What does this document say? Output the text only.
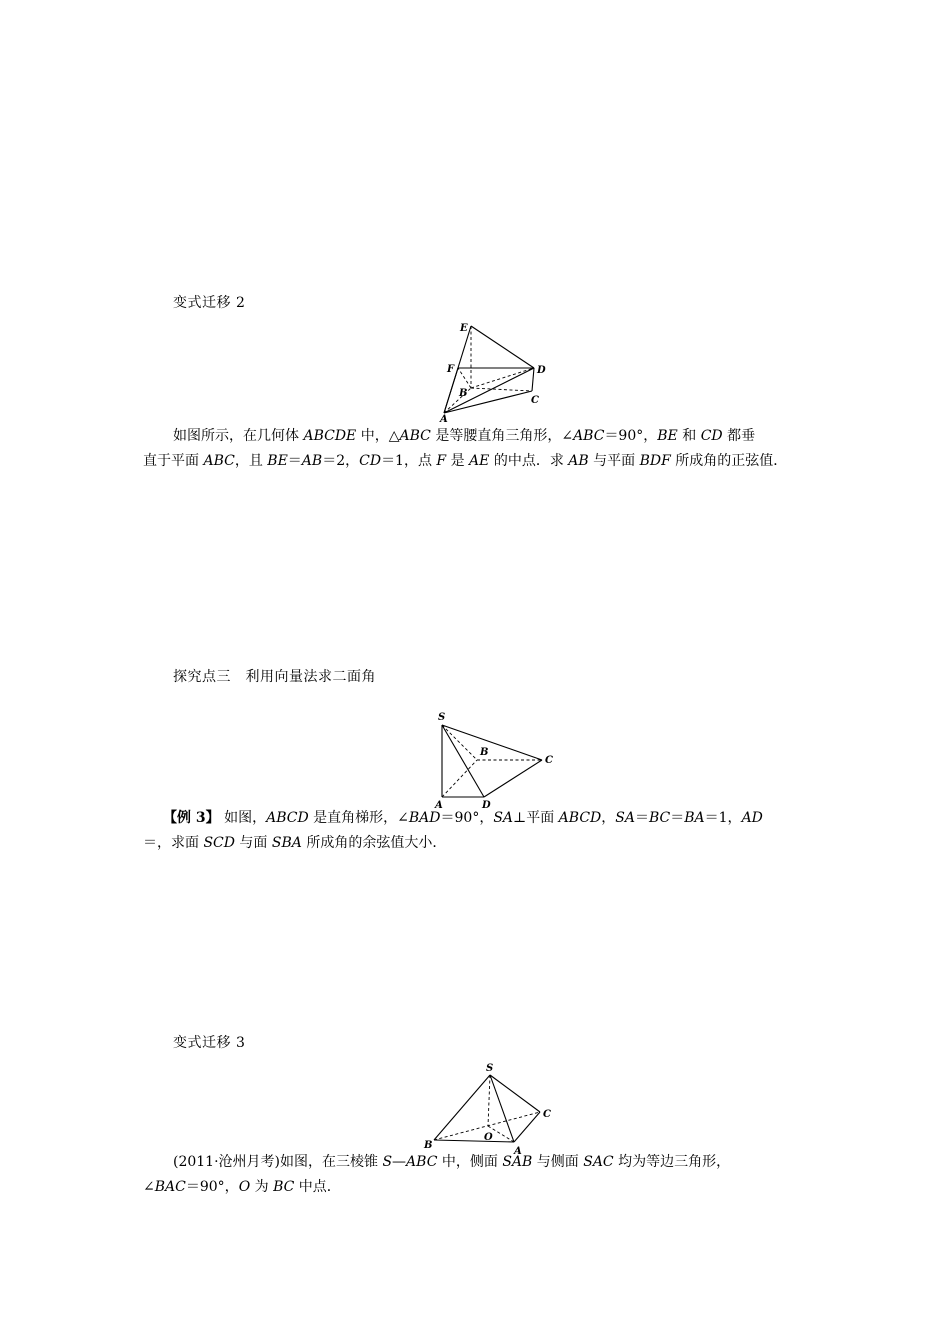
变式迁移 2
E
F	D
B
C
A
如图所示，在几何体 ABCDE 中，△ABC 是等腰直角三角形，∠ABC＝90°，BE 和 CD 都垂
直于平面 ABC，且 BE＝AB＝2，CD＝1，点 F 是 AE 的中点．求 AB 与平面 BDF 所成角的正弦值．
探究点三　利用向量法求二面角
S
B
C
A	D
【例 3】 如图，ABCD 是直角梯形，∠BAD＝90°，SA⊥平面 ABCD，SA＝BC＝BA＝1，AD
＝，求面 SCD 与面 SBA 所成角的余弦值大小．
变式迁移 3
S
C
B
O
A
(2011·沧州月考)如图，在三棱锥 S—ABC 中，侧面 SAB 与侧面 SAC 均为等边三角形，
∠BAC＝90°，O 为 BC 中点．
